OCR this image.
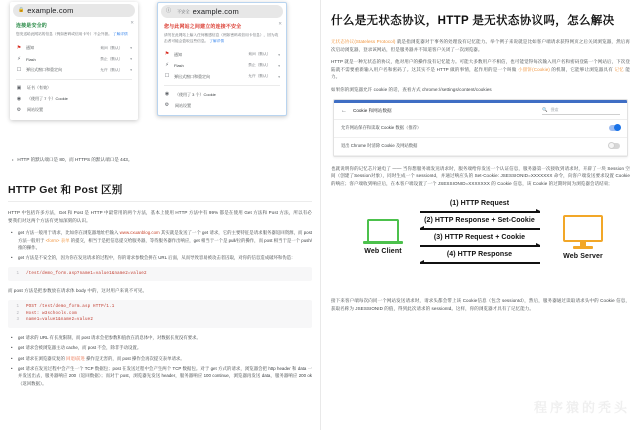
🔒 example.com
✕
连接是安全的
您发送给此网站的信息（例如密码或信用卡号）不会外泄。 了解详情
⚑ 通知	询问（默认）	▾
⚡	Flash	禁止（默认）	▾
☐ 弹出式窗口和重定向	允许（默认）	▾
▣ 证书（有效）
◉ （使用了 7 个）Cookie
⚙ 网站设置
ⓘ 不安全 example.com
✕
您与此网站之间建立的连接不安全
请勿在此网站上输入任何敏感信息（例如密码或信用卡信息），因为攻击者可能会盗取这些信息。 了解详情
⚑ 通知	询问（默认）	▾
⚡	Flash	禁止（默认）	▾
☐ 弹出式窗口和重定向	允许（默认）	▾
◉ （使用了 3 个）Cookie
⚙ 网站设置
• HTTP 的默认端口是 80，而 HTTPS 的默认端口是 443。
HTTP Get 和 Post 区别

HTTP 中包括许多方法，Get 和 Post 是 HTTP 中最常用的两个方法，基本上使用 HTTP 方法中有 99% 都是在使用 Get 方法和 Post 方法，所以有必要我们对这两个方法有更加深刻的认识。

• get 方法一般用于请求，比如你在浏览器地址栏输入 www.cxuanblog.com 其实就是发送了一个 get 请求，它的主要特征是请求服务器返回资源，而 post 方法一般用于 <form> 表单 的提交，相当于是把信息提交给服务器，等待服务器作出响应，get 相当于一个是 pull/拉的操作，而 post 相当于是一个 push/推的操作。
• get 方法是不安全的，因为你在发送请求的过程中，你的请求参数会拼在 URL 后面，从而导致容易被攻击者囚取，对你的信息造成破坏和伪造：
1 /test/demo_form.asp?name1=value1&name2=value2

而 post 方法是把参数放在请求体 body 中的，这对用户来说不可见。

1 POST /test/demo_form.asp HTTP/1.1
2 Host: w3schools.com
3 name1=value1&name2=value2
• get 请求的 URL 有长度限制，而 post 请求会把参数和值放在消息体中，对数据长度没有要求。
• get 请求会被浏览器主动 cache，而 post 不会，除非手动设置。
• get 请求在浏览器反复的 回退/前进 操作是无害的，而 post 操作会再次提交表单请求。
• get 请求在发送过程中会产生一个 TCP 数据包；post 在发送过程中会产生两个 TCP 数据包。对于 get 方式的请求，浏览器会把 http header 和 data 一并发送出去，服务器响应 200（返回数据）；而对于 post，浏览器先发送 header，服务器响应 100 continue，浏览器再发送 data，服务器响应 200 ok（返回数据）。
什么是无状态协议，HTTP 是无状态协议吗，怎么解决

无状态协议(Stateless Protocol) 就是指浏览器对于事务的处理没有记忆能力。举个例子来说就是比如客户端请求获得网页之后关闭浏览器，然后再次启动浏览器，登录该网站，但是服务器并不知道客户关闭了一次浏览器。

HTTP 就是一种无状态的协议，他对用户的操作没有记忆能力。可能大多数用户不相信，也可能觉得每次输入用户名和密码登陆一个网站后，下次登陆就不需要重新输入用户名和密码了。这其实不是 HTTP 做的事情，起作用的是一个叫做 小甜饼(Cookie) 的机制，它能够让浏览器具有 记忆 能力。

如果你的浏览器允许 cookie 的话，查看方式 chrome://settings/content/cookies

← Cookie 和网站数据	🔍 搜索
允许网站保存和读取 Cookie 数据（推荐）
退出 Chrome 时清除 Cookie 及网站数据

也就说明你的记忆芯片通电了 —— 当你想服务端发送请求时，服务端给你发送一个认证信息，服务器第一次接收到请求时，开辟了一块 Session 空间（创建了Session对象），同时生成一个 sessionId，并通过响应头的 Set-Cookie: JSESSIONID=XXXXXXX 命令，向客户端发送要求设置 Cookie 的响应；客户端收到响应后，在本客户端设置了一个 JSESSIONID=XXXXXXX 的 Cookie 信息，该 Cookie 的过期时间为浏览器会话结束;

Web Client
(1) HTTP Request
(2) HTTP Response + Set-Cookie
(3) HTTP Request + Cookie
(4) HTTP Response	Web Server

接下来客户端每次向同一个网站发送请求时，请求头都会带上该 Cookie信息（包含 sessionId），然后，服务器通过读取请求头中的 Cookie 信息，获取名称为 JSESSIONID 的值，得到此次请求的 sessionId。这样，你的浏览器才具有了记忆能力。

程序猿的秃头
